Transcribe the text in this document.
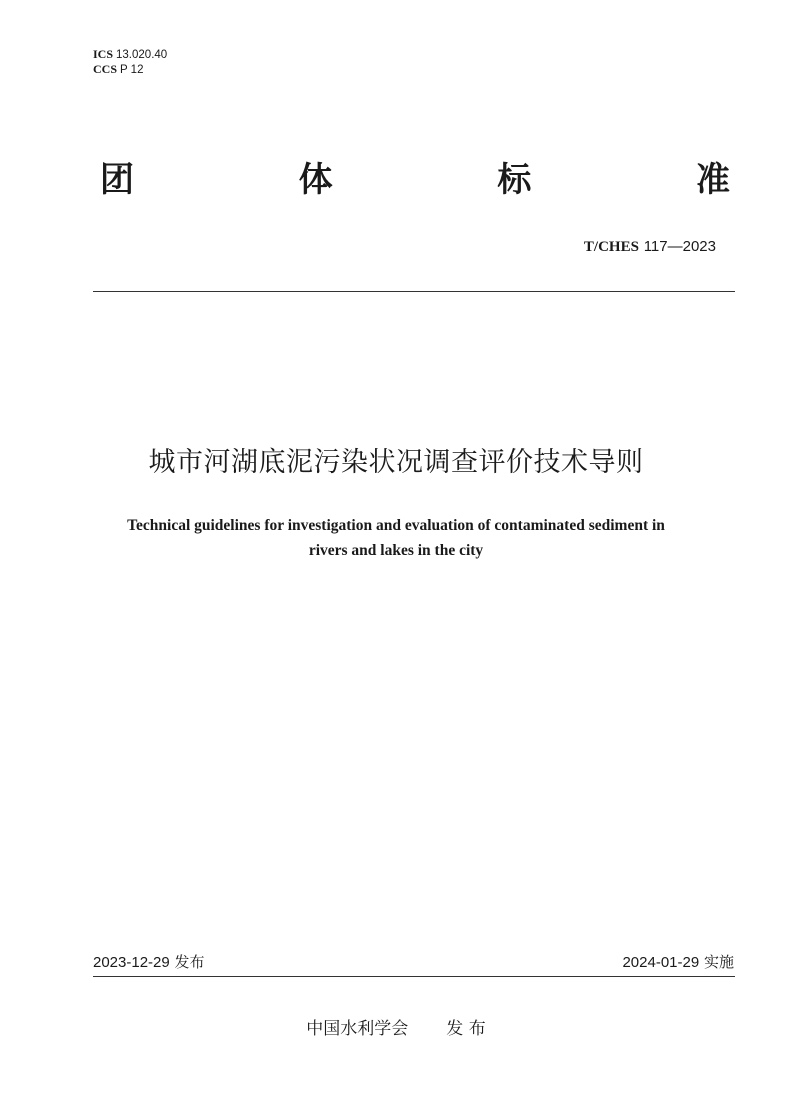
ICS 13.020.40
CCS P 12
团	体	标	准
T/CHES 117—2023
城市河湖底泥污染状况调查评价技术导则
Technical guidelines for investigation and evaluation of contaminated sediment in
rivers and lakes in the city
2023-12-29 发布	2024-01-29 实施
中国水利学会 发 布
